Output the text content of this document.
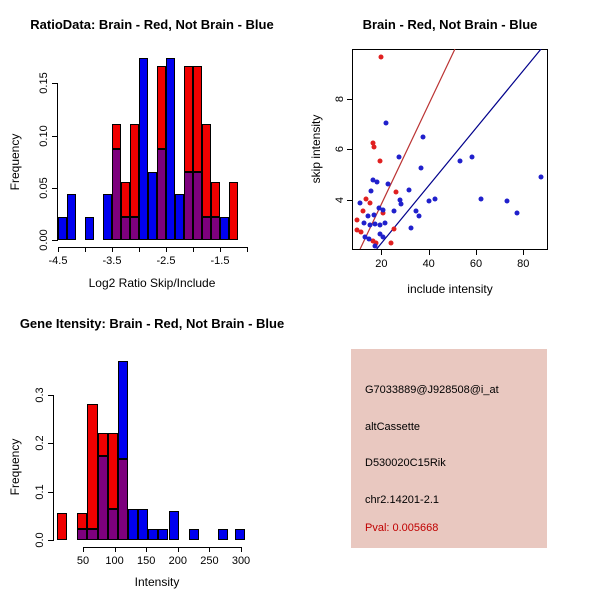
RatioData: Brain - Red, Not Brain - Blue
Log2 Ratio Skip/Include
Frequency
Brain - Red, Not Brain - Blue
include intensity
skip intensity
Gene Itensity: Brain - Red, Not Brain - Blue
Intensity
Frequency
G7033889@J928508@i_at
altCassette
D530020C15Rik
chr2.14201-2.1
Pval: 0.005668
0.00
0.05
0.10
0.15
-4.5	-3.5	-2.5	-1.5	20	40	60	80
4
6
8
0.0
0.1
0.2
0.3
50 100 150 200 250 300
